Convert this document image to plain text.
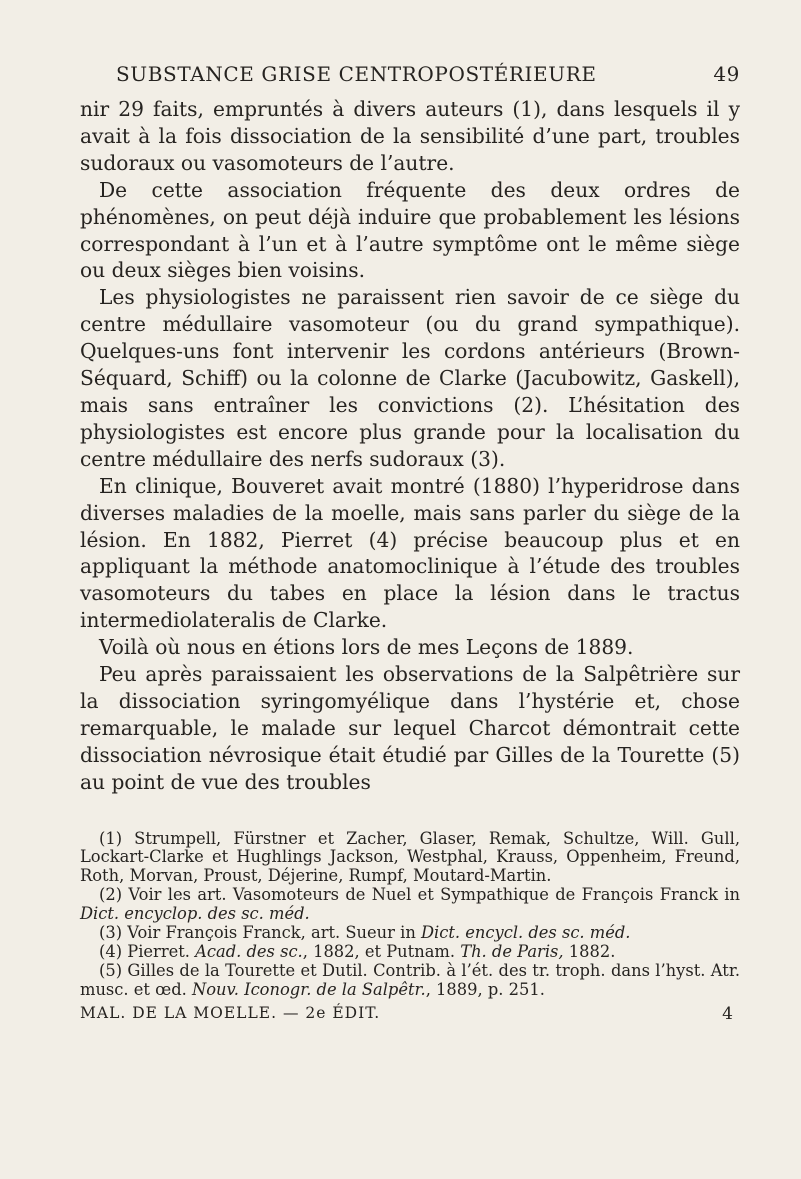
SUBSTANCE GRISE CENTROPOSTÉRIEURE	49

nir 29 faits, empruntés à divers auteurs (1), dans lesquels il y avait à la fois dissociation de la sensibilité d’une part, troubles sudoraux ou vasomoteurs de l’autre.

De cette association fréquente des deux ordres de phénomènes, on peut déjà induire que probablement les lésions correspondant à l’un et à l’autre symptôme ont le même siège ou deux sièges bien voisins.

Les physiologistes ne paraissent rien savoir de ce siège du centre médullaire vasomoteur (ou du grand sympathique). Quelques-uns font intervenir les cordons antérieurs (Brown-Séquard, Schiff) ou la colonne de Clarke (Jacubowitz, Gaskell), mais sans entraîner les convictions (2). L’hésitation des physiologistes est encore plus grande pour la localisation du centre médullaire des nerfs sudoraux (3).

En clinique, Bouveret avait montré (1880) l’hyperidrose dans diverses maladies de la moelle, mais sans parler du siège de la lésion. En 1882, Pierret (4) précise beaucoup plus et en appliquant la méthode anatomoclinique à l’étude des troubles vasomoteurs du tabes en place la lésion dans le tractus intermediolateralis de Clarke.

Voilà où nous en étions lors de mes Leçons de 1889.

Peu après paraissaient les observations de la Salpêtrière sur la dissociation syringomyélique dans l’hystérie et, chose remarquable, le malade sur lequel Charcot démontrait cette dissociation névrosique était étudié par Gilles de la Tourette (5) au point de vue des troubles

(1) Strumpell, Fürstner et Zacher, Glaser, Remak, Schultze, Will. Gull, Lockart-Clarke et Hughlings Jackson, Westphal, Krauss, Oppenheim, Freund, Roth, Morvan, Proust, Déjerine, Rumpf, Moutard-Martin.

(2) Voir les art. Vasomoteurs de Nuel et Sympathique de François Franck in Dict. encyclop. des sc. méd.

(3) Voir François Franck, art. Sueur in Dict. encycl. des sc. méd.

(4) Pierret. Acad. des sc., 1882, et Putnam. Th. de Paris, 1882.

(5) Gilles de la Tourette et Dutil. Contrib. à l’ét. des tr. troph. dans l’hyst. Atr. musc. et œd. Nouv. Iconogr. de la Salpêtr., 1889, p. 251.

MAL. DE LA MOELLE. — 2e ÉDIT.	4
